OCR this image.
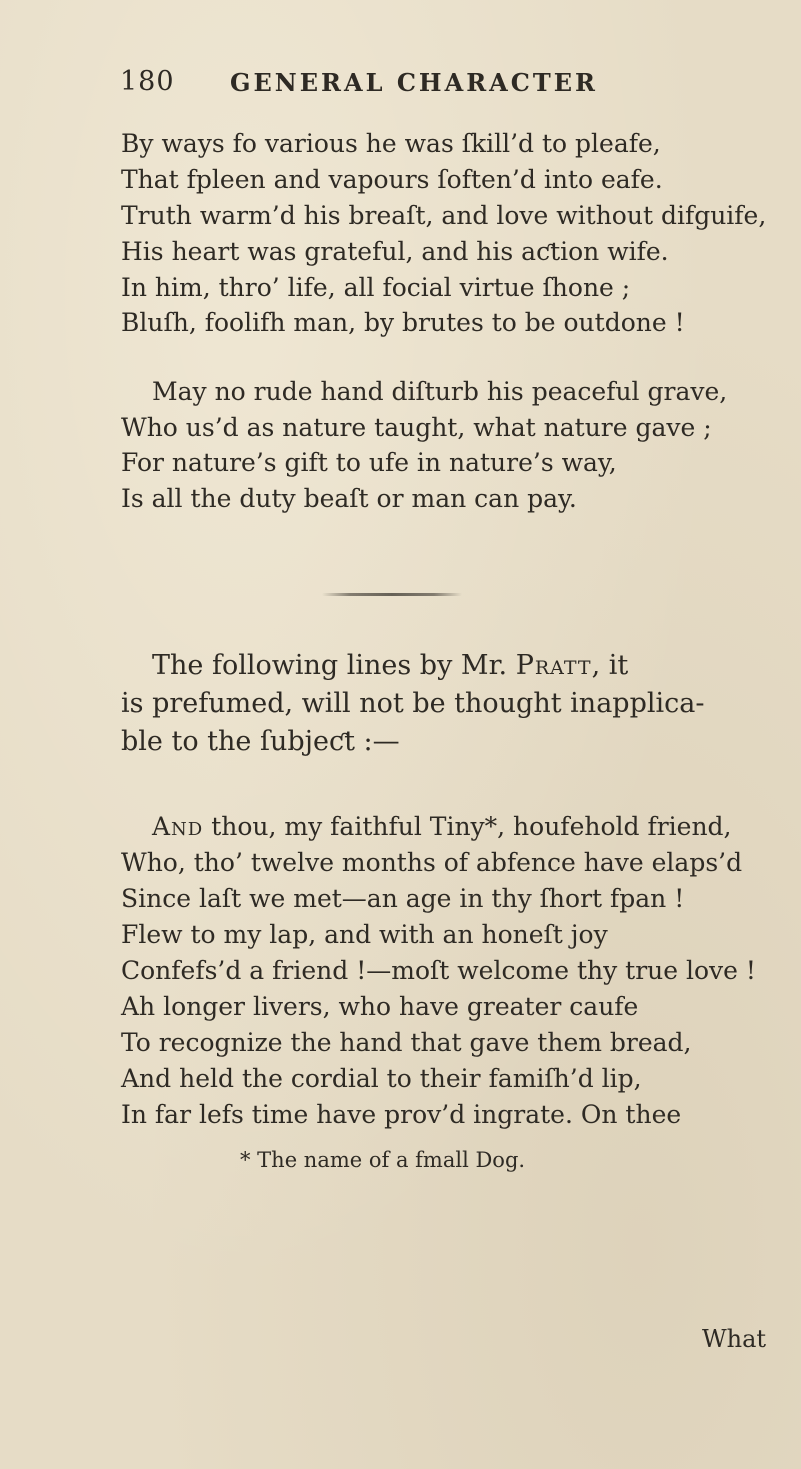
180 GENERAL CHARACTER
By ways fo various he was ſkill’d to pleafe,
That fpleen and vapours ſoften’d into eafe.
Truth warm’d his breaſt, and love without difguife,
His heart was grateful, and his aƈtion wife.
In him, thro’ life, all focial virtue ſhone ;
Bluſh, foolifh man, by brutes to be outdone !
May no rude hand diſturb his peaceful grave,
Who us’d as nature taught, what nature gave ;
For nature’s gift to ufe in nature’s way,
Is all the duty beaſt or man can pay.
The following lines by Mr. Pratt, it
is prefumed, will not be thought inapplica-
ble to the ſubjeƈt :—
And thou, my faithful Tiny*, houfehold friend,
Who, tho’ twelve months of abfence have elaps’d
Since laſt we met—an age in thy ſhort fpan !
Flew to my lap, and with an honeſt joy
Confefs’d a friend !—moſt welcome thy true love !
Ah longer livers, who have greater caufe
To recognize the hand that gave them bread,
And held the cordial to their famiſh’d lip,
In far lefs time have prov’d ingrate. On thee
* The name of a fmall Dog.
What
